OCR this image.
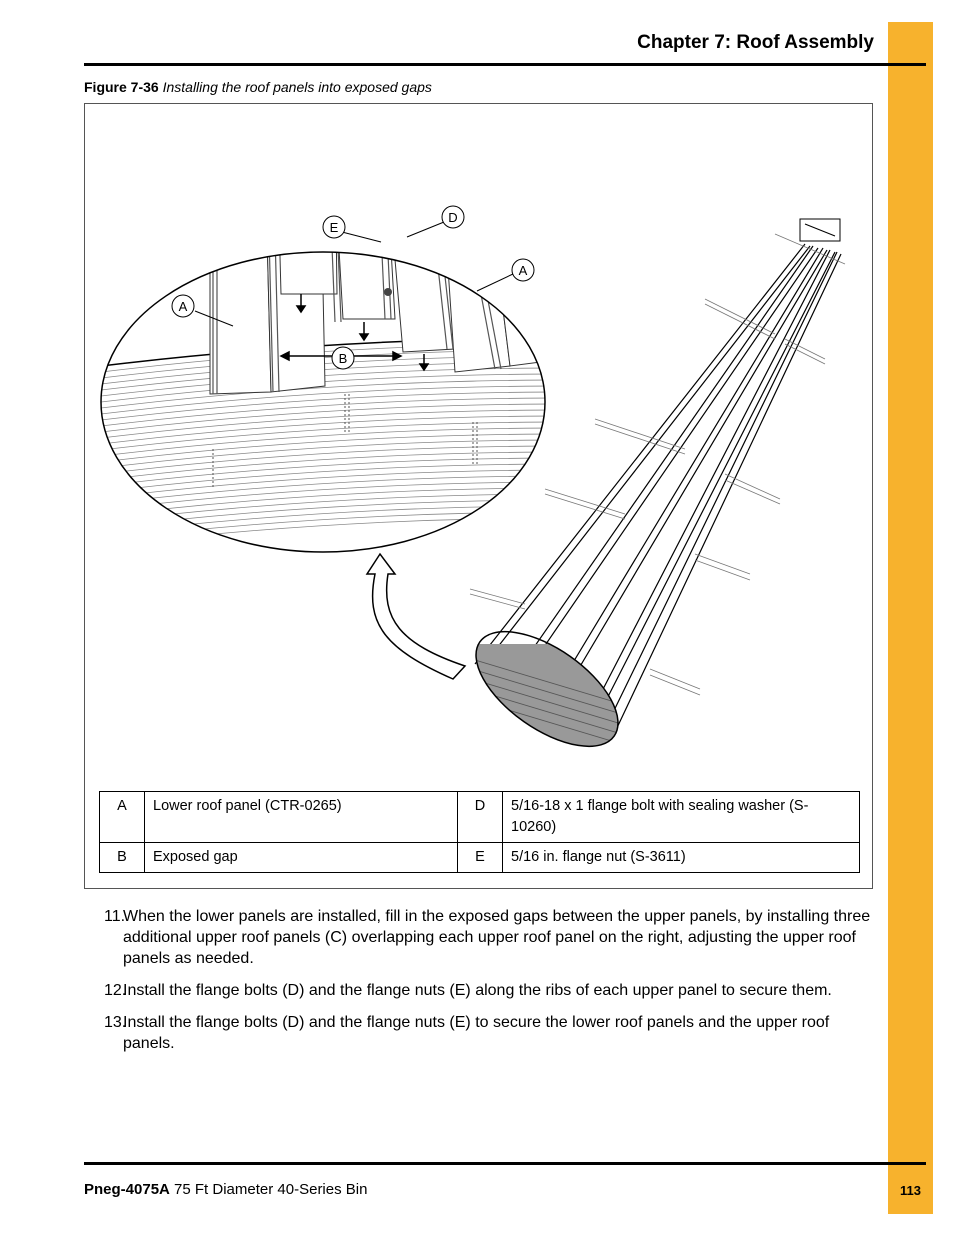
113
Chapter 7: Roof Assembly
Figure 7-36 Installing the roof panels into exposed gaps
A
A
B
D
E
A	Lower roof panel (CTR-0265)	D	5/16-18 x 1 flange bolt with sealing washer (S-10260)
B	Exposed gap	E	5/16 in. flange nut (S-3611)
11.
When the lower panels are installed, fill in the exposed gaps between the upper panels, by installing three additional upper roof panels (C) overlapping each upper roof panel on the right, adjusting the upper roof panels as needed.
12.
Install the flange bolts (D) and the flange nuts (E) along the ribs of each upper panel to secure them.
13.
Install the flange bolts (D) and the flange nuts (E) to secure the lower roof panels and the upper roof panels.
Pneg-4075A 75 Ft Diameter 40-Series Bin
